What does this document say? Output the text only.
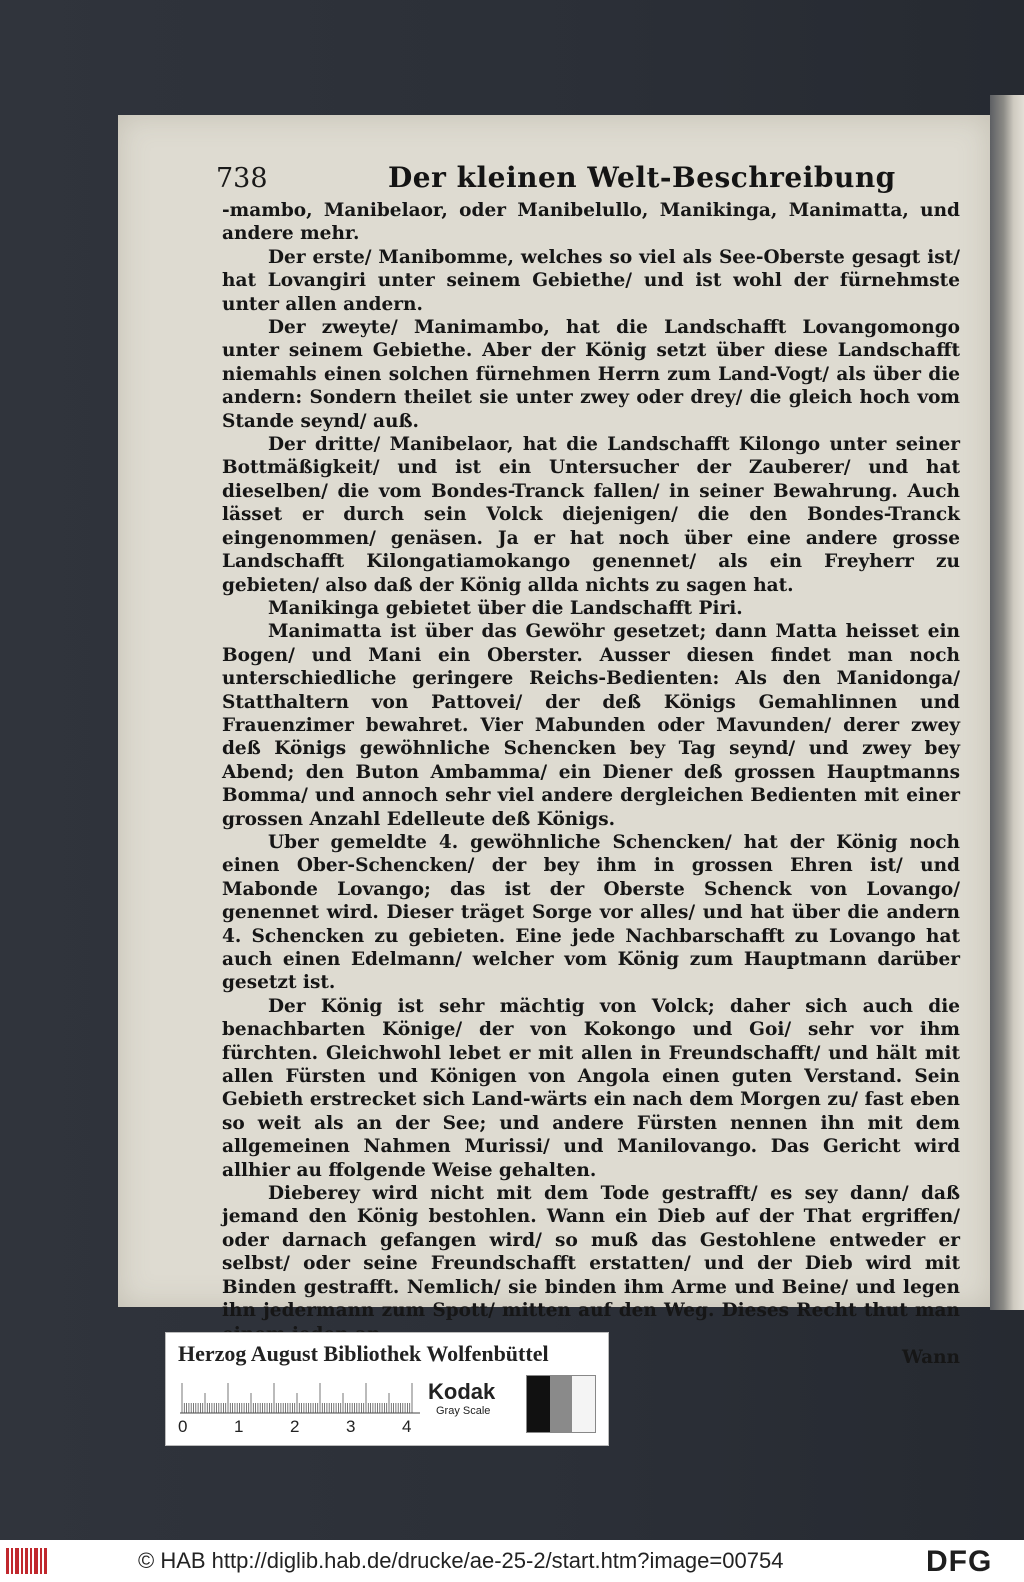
738	Der kleinen Welt-Beschreibung

-mambo, Manibelaor, oder Manibelullo, Manikinga, Manimatta, und andere mehr.

Der erste/ Manibomme, welches so viel als See-Oberste gesagt ist/ hat Lovangiri unter seinem Gebiethe/ und ist wohl der fürnehmste unter allen andern.

Der zweyte/ Manimambo, hat die Landschafft Lovangomongo unter seinem Gebiethe. Aber der König setzt über diese Landschafft niemahls einen solchen fürnehmen Herrn zum Land-Vogt/ als über die andern: Sondern theilet sie unter zwey oder drey/ die gleich hoch vom Stande seynd/ auß.

Der dritte/ Manibelaor, hat die Landschafft Kilongo unter seiner Bottmäßigkeit/ und ist ein Untersucher der Zauberer/ und hat dieselben/ die vom Bondes-Tranck fallen/ in seiner Bewahrung. Auch lässet er durch sein Volck diejenigen/ die den Bondes-Tranck eingenommen/ genäsen. Ja er hat noch über eine andere grosse Landschafft Kilongatiamokango genennet/ als ein Freyherr zu gebieten/ also daß der König allda nichts zu sagen hat.

Manikinga gebietet über die Landschafft Piri.

Manimatta ist über das Gewöhr gesetzet; dann Matta heisset ein Bogen/ und Mani ein Oberster. Ausser diesen findet man noch unterschiedliche geringere Reichs-Bedienten: Als den Manidonga/ Statthaltern von Pattovei/ der deß Königs Gemahlinnen und Frauenzimer bewahret. Vier Mabunden oder Mavunden/ derer zwey deß Königs gewöhnliche Schencken bey Tag seynd/ und zwey bey Abend; den Buton Ambamma/ ein Diener deß grossen Hauptmanns Bomma/ und annoch sehr viel andere dergleichen Bedienten mit einer grossen Anzahl Edelleute deß Königs.

Uber gemeldte 4. gewöhnliche Schencken/ hat der König noch einen Ober-Schencken/ der bey ihm in grossen Ehren ist/ und Mabonde Lovango; das ist der Oberste Schenck von Lovango/ genennet wird. Dieser träget Sorge vor alles/ und hat über die andern 4. Schencken zu gebieten. Eine jede Nachbarschafft zu Lovango hat auch einen Edelmann/ welcher vom König zum Hauptmann darüber gesetzt ist.

Der König ist sehr mächtig von Volck; daher sich auch die benachbarten Könige/ der von Kokongo und Goi/ sehr vor ihm fürchten. Gleichwohl lebet er mit allen in Freundschafft/ und hält mit allen Fürsten und Königen von Angola einen guten Verstand. Sein Gebieth erstrecket sich Land-wärts ein nach dem Morgen zu/ fast eben so weit als an der See; und andere Fürsten nennen ihn mit dem allgemeinen Nahmen Murissi/ und Manilovango. Das Gericht wird allhier au ffolgende Weise gehalten.

Dieberey wird nicht mit dem Tode gestrafft/ es sey dann/ daß jemand den König bestohlen. Wann ein Dieb auf der That ergriffen/ oder darnach gefangen wird/ so muß das Gestohlene entweder er selbst/ oder seine Freundschafft erstatten/ und der Dieb wird mit Binden gestrafft. Nemlich/ sie binden ihm Arme und Beine/ und legen ihn jedermann zum Spott/ mitten auf den Weg. Dieses Recht thut man

Wann

Herzog August Bibliothek Wolfenbüttel
0	1	2	3	4
Kodak
Gray Scale
© HAB http://diglib.hab.de/drucke/ae-25-2/start.htm?image=00754	DFG
